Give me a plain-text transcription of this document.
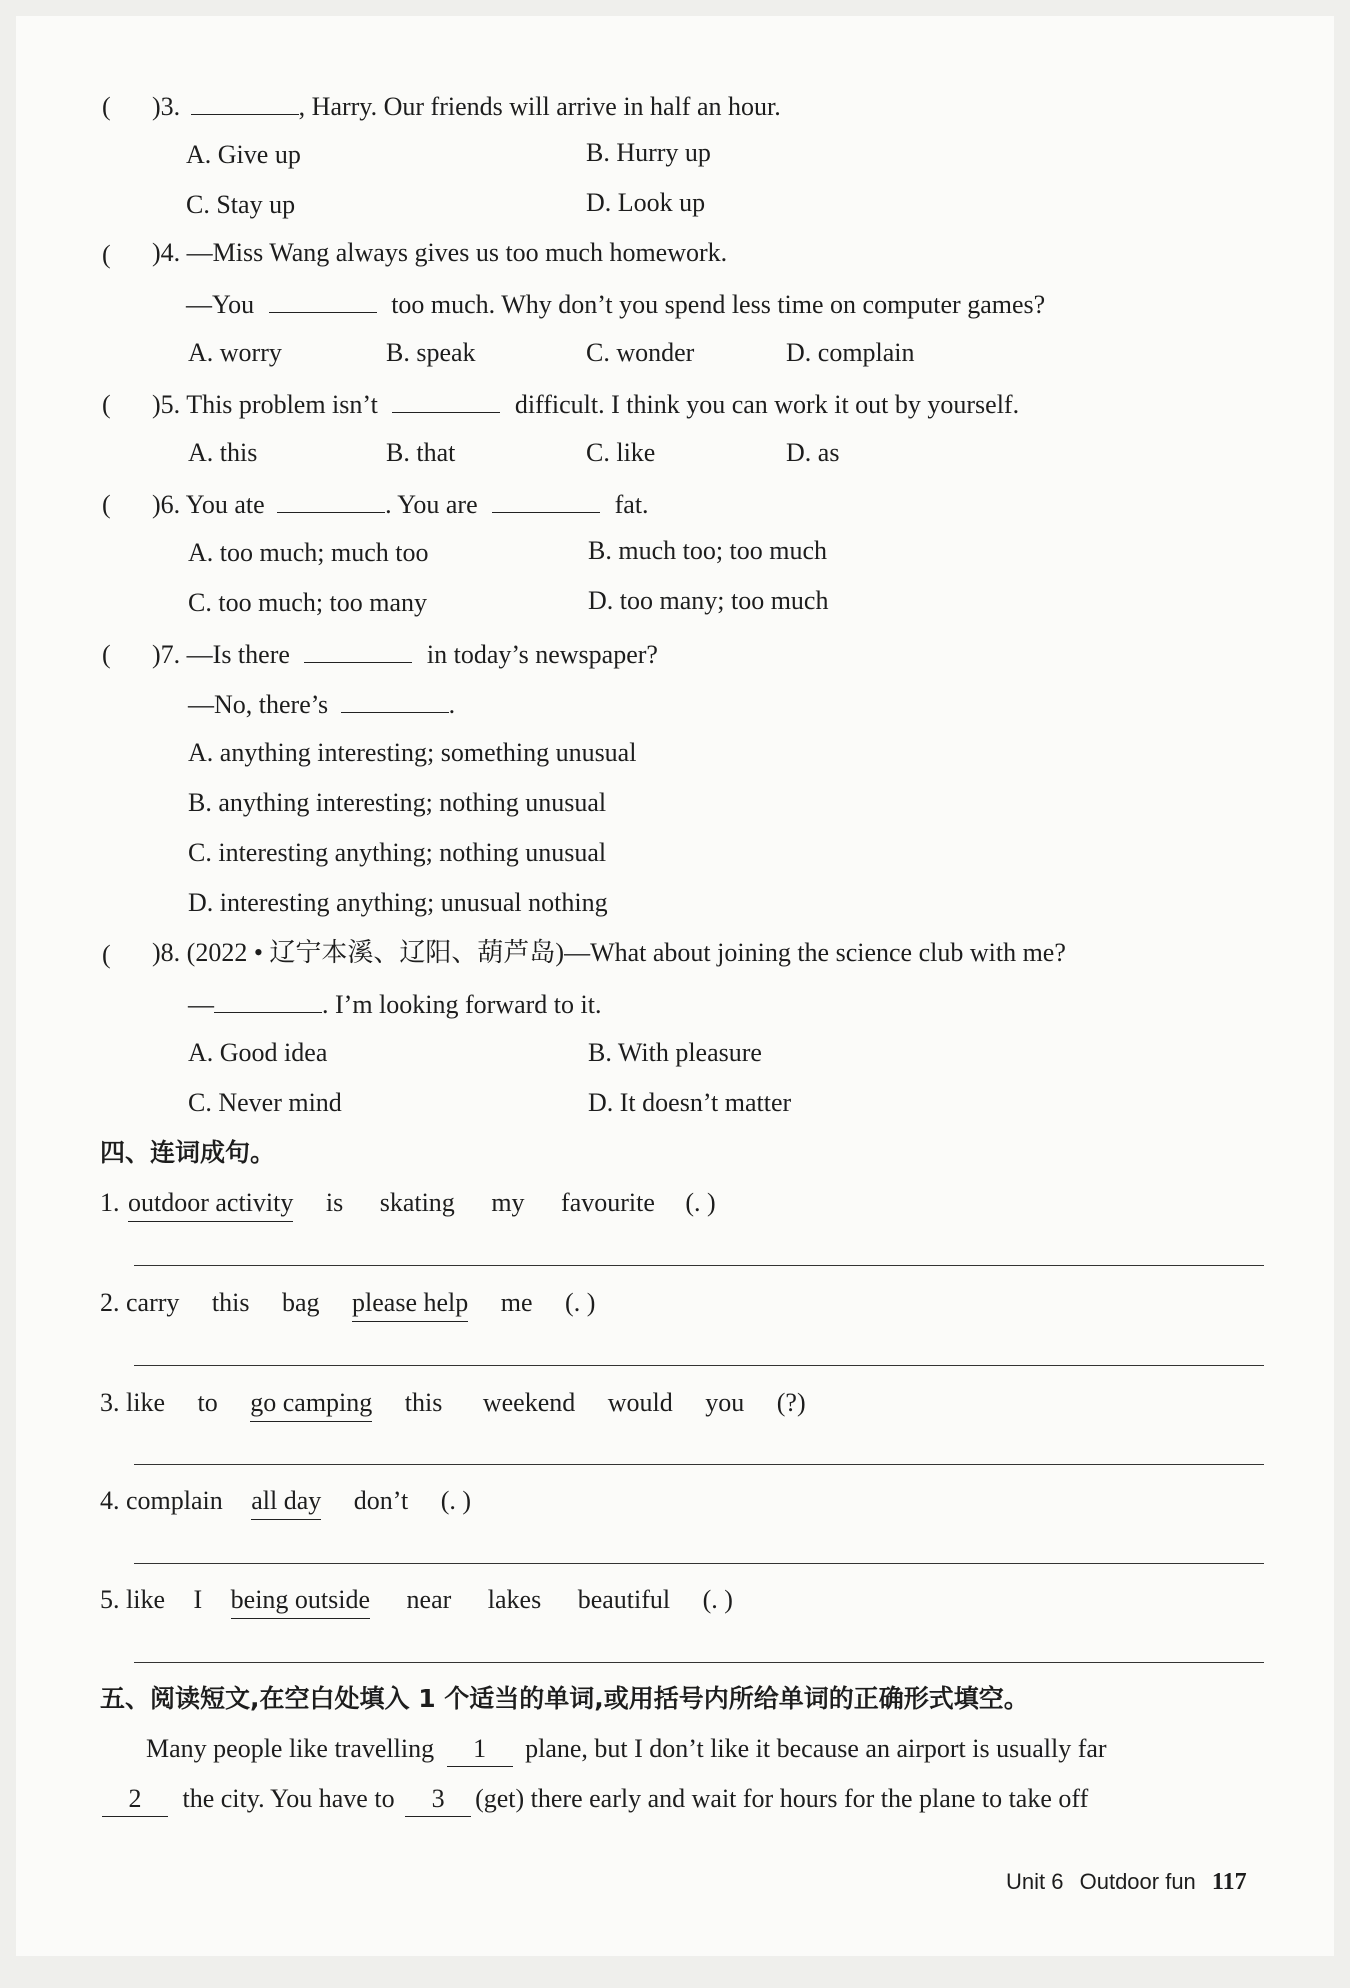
( )3.	, Harry. Our friends will arrive in half an hour.
A. Give up	B. Hurry up
C. Stay up	D. Look up
( )4. —Miss Wang always gives us too much homework.
—You	too much. Why don’t you spend less time on computer games?
A. worry	B. speak	C. wonder	D. complain
( )5. This problem isn’t	difficult. I think you can work it out by yourself.
A. this	B. that	C. like	D. as
( )6. You ate	. You are	fat.
A. too much; much too	B. much too; too much
C. too much; too many	D. too many; too much
( )7. —Is there	in today’s newspaper?
—No, there’s	.
A. anything interesting; something unusual
B. anything interesting; nothing unusual
C. interesting anything; nothing unusual
D. interesting anything; unusual nothing
( )8. (2022 • 辽宁本溪、辽阳、葫芦岛)—What about joining the science club with me?
—	. I’m looking forward to it.
A. Good idea	B. With pleasure
C. Never mind	D. It doesn’t matter
四、连词成句。
1. outdoor activity is skating my favourite (. )
2. carry this bag please help me (. )
3. like to go camping this weekend would you (?)
4. complain all day don’t (. )
5. like I being outside near lakes beautiful (. )
五、阅读短文,在空白处填入 1 个适当的单词,或用括号内所给单词的正确形式填空。
Many people like travelling 1 plane, but I don’t like it because an airport is usually far
2 the city. You have to 3 (get) there early and wait for hours for the plane to take off
Unit 6 Outdoor fun 117
